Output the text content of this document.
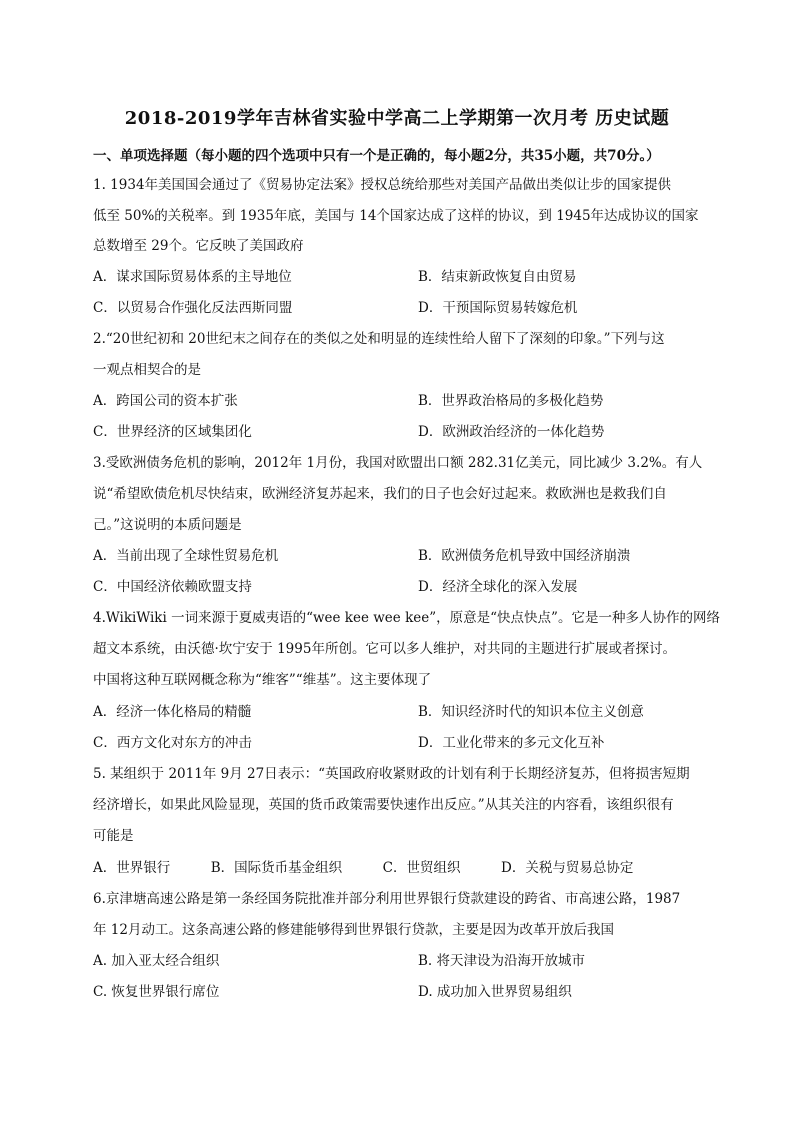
2018-2019学年吉林省实验中学高二上学期第一次月考 历史试题
一、单项选择题（每小题的四个选项中只有一个是正确的，每小题2分，共35小题，共70分。）
1. 1934年美国国会通过了《贸易协定法案》授权总统给那些对美国产品做出类似让步的国家提供
低至 50%的关税率。到 1935年底，美国与 14个国家达成了这样的协议，到 1945年达成协议的国家
总数增至 29个。它反映了美国政府
A．谋求国际贸易体系的主导地位	B．结束新政恢复自由贸易
C．以贸易合作强化反法西斯同盟	D．干预国际贸易转嫁危机
2.“20世纪初和 20世纪末之间存在的类似之处和明显的连续性给人留下了深刻的印象。”下列与这
一观点相契合的是
A．跨国公司的资本扩张	B．世界政治格局的多极化趋势
C．世界经济的区域集团化	D．欧洲政治经济的一体化趋势
3.受欧洲债务危机的影响，2012年 1月份，我国对欧盟出口额 282.31亿美元，同比减少 3.2%。有人
说“希望欧债危机尽快结束，欧洲经济复苏起来，我们的日子也会好过起来。救欧洲也是救我们自
己。”这说明的本质问题是
A．当前出现了全球性贸易危机	B．欧洲债务危机导致中国经济崩溃
C．中国经济依赖欧盟支持	D．经济全球化的深入发展
4.WikiWiki 一词来源于夏威夷语的“wee kee wee kee”，原意是“快点快点”。它是一种多人协作的网络
超文本系统，由沃德·坎宁安于 1995年所创。它可以多人维护，对共同的主题进行扩展或者探讨。
中国将这种互联网概念称为“维客”“维基”。这主要体现了
A．经济一体化格局的精髓	B．知识经济时代的知识本位主义创意
C．西方文化对东方的冲击	D．工业化带来的多元文化互补
5. 某组织于 2011年 9月 27日表示：“英国政府收紧财政的计划有利于长期经济复苏，但将损害短期
经济增长，如果此风险显现，英国的货币政策需要快速作出反应。”从其关注的内容看，该组织很有
可能是
A．世界银行　　　B．国际货币基金组织　　　C．世贸组织　　　D．关税与贸易总协定
6.京津塘高速公路是第一条经国务院批准并部分利用世界银行贷款建设的跨省、市高速公路，1987
年 12月动工。这条高速公路的修建能够得到世界银行贷款，主要是因为改革开放后我国
A. 加入亚太经合组织	B. 将天津设为沿海开放城市
C. 恢复世界银行席位	D. 成功加入世界贸易组织
